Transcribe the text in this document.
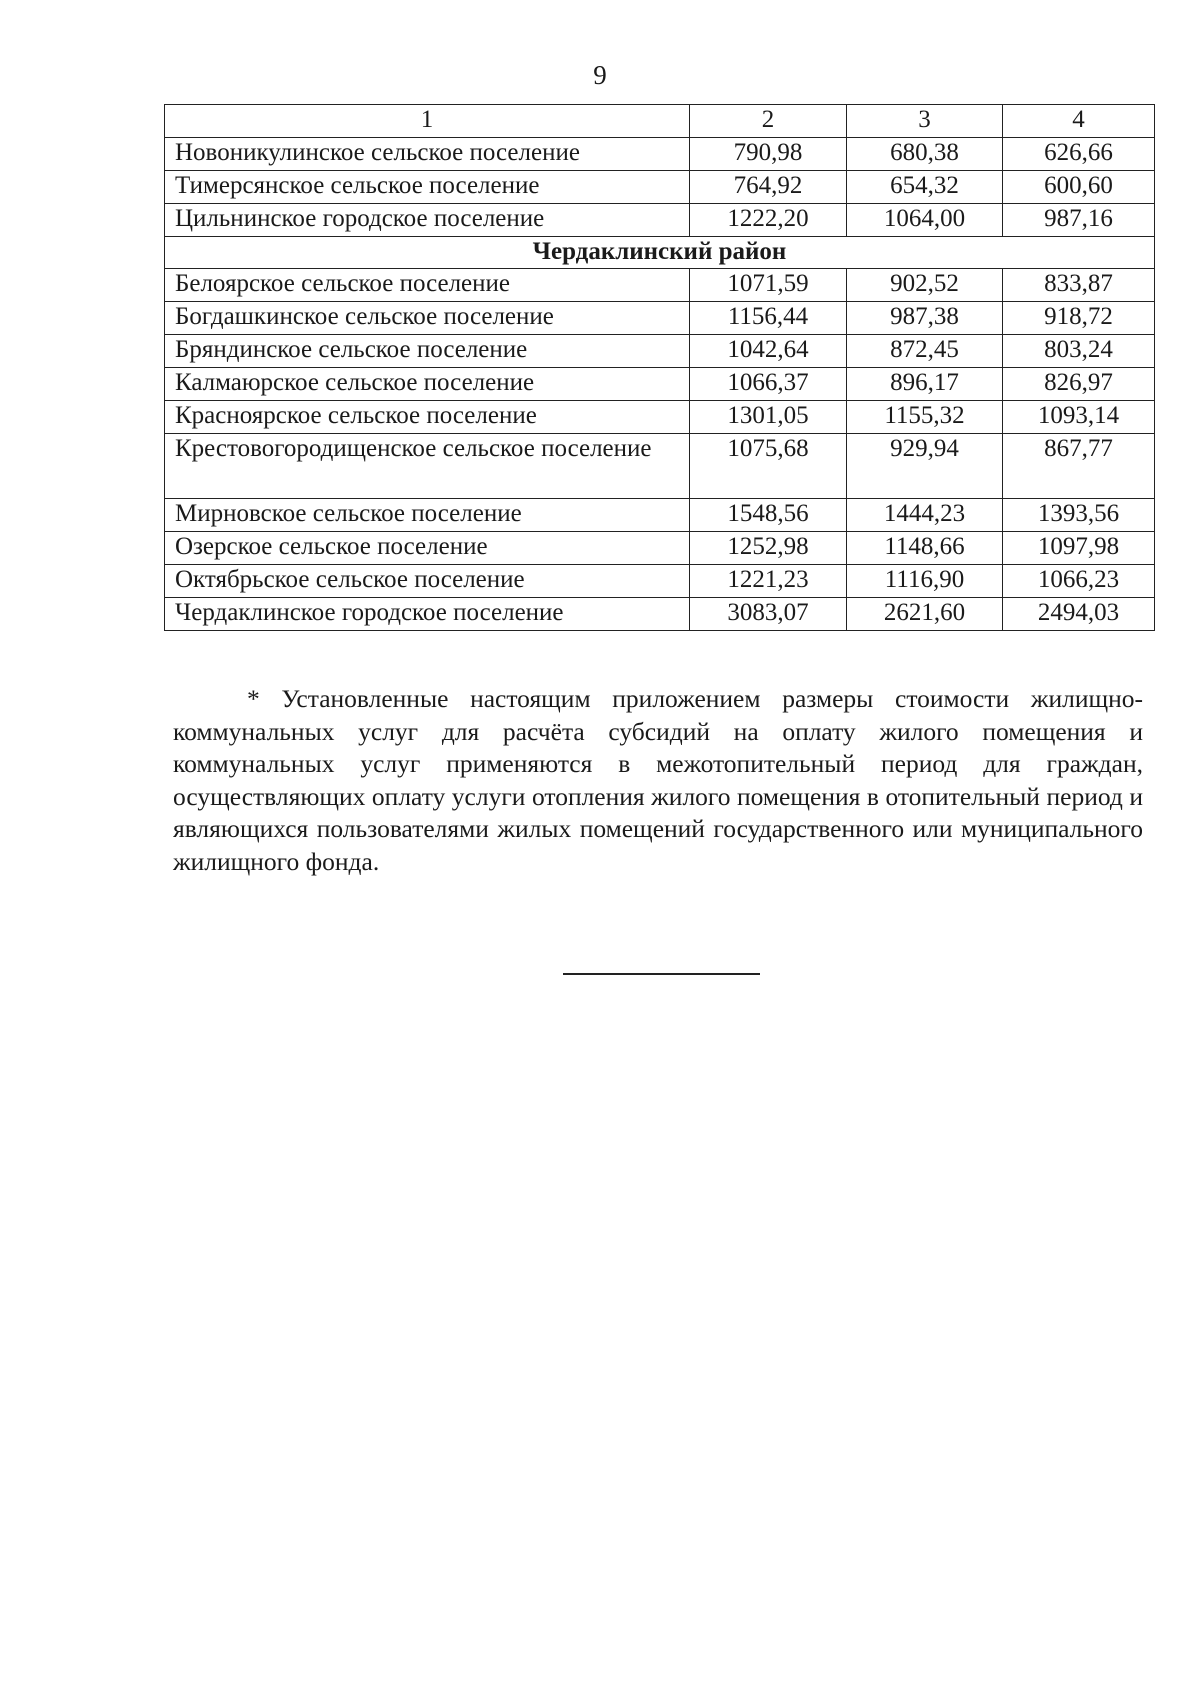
9
1	2	3	4
Новоникулинское сельское поселение	790,98	680,38	626,66
Тимерсянское сельское поселение	764,92	654,32	600,60
Цильнинское городское поселение	1222,20	1064,00	987,16
Чердаклинский район			
Белоярское сельское поселение	1071,59	902,52	833,87
Богдашкинское сельское поселение	1156,44	987,38	918,72
Бряндинское сельское поселение	1042,64	872,45	803,24
Калмаюрское сельское поселение	1066,37	896,17	826,97
Красноярское сельское поселение	1301,05	1155,32	1093,14
Крестовогородищенское сельское поселение	1075,68	929,94	867,77
Мирновское сельское поселение	1548,56	1444,23	1393,56
Озерское сельское поселение	1252,98	1148,66	1097,98
Октябрьское сельское поселение	1221,23	1116,90	1066,23
Чердаклинское городское поселение	3083,07	2621,60	2494,03
* Установленные настоящим приложением размеры стоимости жилищно-коммунальных услуг для расчёта субсидий на оплату жилого помещения и коммунальных услуг применяются в межотопительный период для граждан, осуществляющих оплату услуги отопления жилого помещения в отопительный период и являющихся пользователями жилых помещений государственного или муниципального жилищного фонда.
